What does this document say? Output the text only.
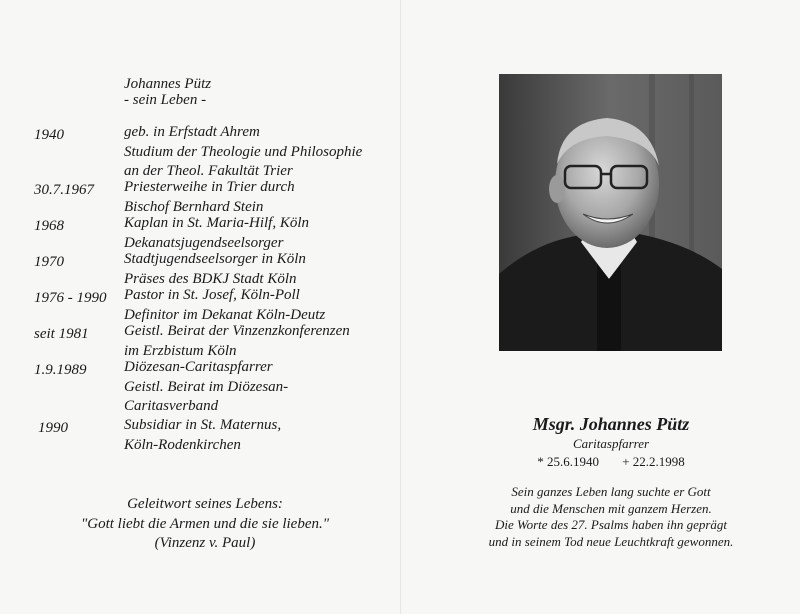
Johannes Pütz
- sein Leben -
1940	geb. in Erfstadt Ahrem
Studium der Theologie und Philosophie
an der Theol. Fakultät Trier
30.7.1967 Priesterweihe in Trier durch
Bischof Bernhard Stein
1968	Kaplan in St. Maria-Hilf, Köln
Dekanatsjugendseelsorger
1970	Stadtjugendseelsorger in Köln
Präses des BDKJ Stadt Köln
1976 - 1990 Pastor in St. Josef, Köln-Poll
Definitor im Dekanat Köln-Deutz
seit 1981 Geistl. Beirat der Vinzenzkonferenzen
im Erzbistum Köln
1.9.1989	Diözesan-Caritaspfarrer
Geistl. Beirat im Diözesan-
Caritasverband
1990	Subsidiar in St. Maternus,
Köln-Rodenkirchen
Geleitwort seines Lebens:
"Gott liebt die Armen und die sie lieben."
(Vinzenz v. Paul)
Msgr. Johannes Pütz
Caritaspfarrer
* 25.6.1940 + 22.2.1998
Sein ganzes Leben lang suchte er Gott
und die Menschen mit ganzem Herzen.
Die Worte des 27. Psalms haben ihn geprägt
und in seinem Tod neue Leuchtkraft gewonnen.
